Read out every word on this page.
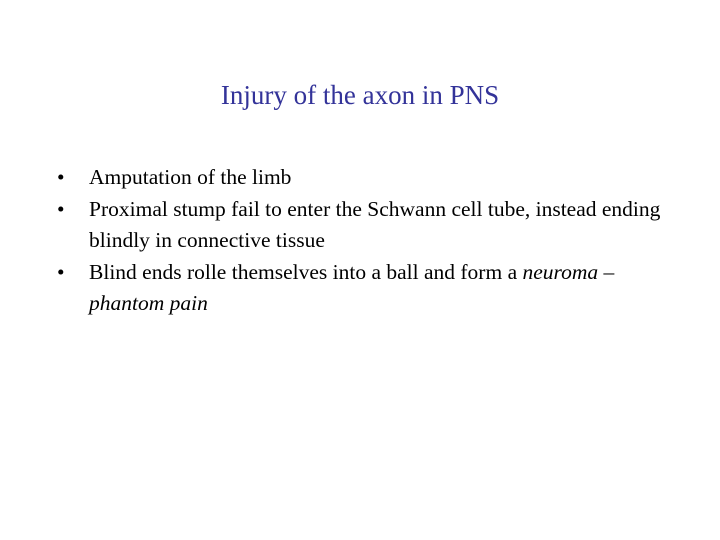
Injury of the axon in PNS
•	Amputation of the limb
•	Proximal stump fail to enter the Schwann cell tube, instead ending blindly in connective tissue
•	Blind ends rolle themselves into a ball and form a neuroma – phantom pain
